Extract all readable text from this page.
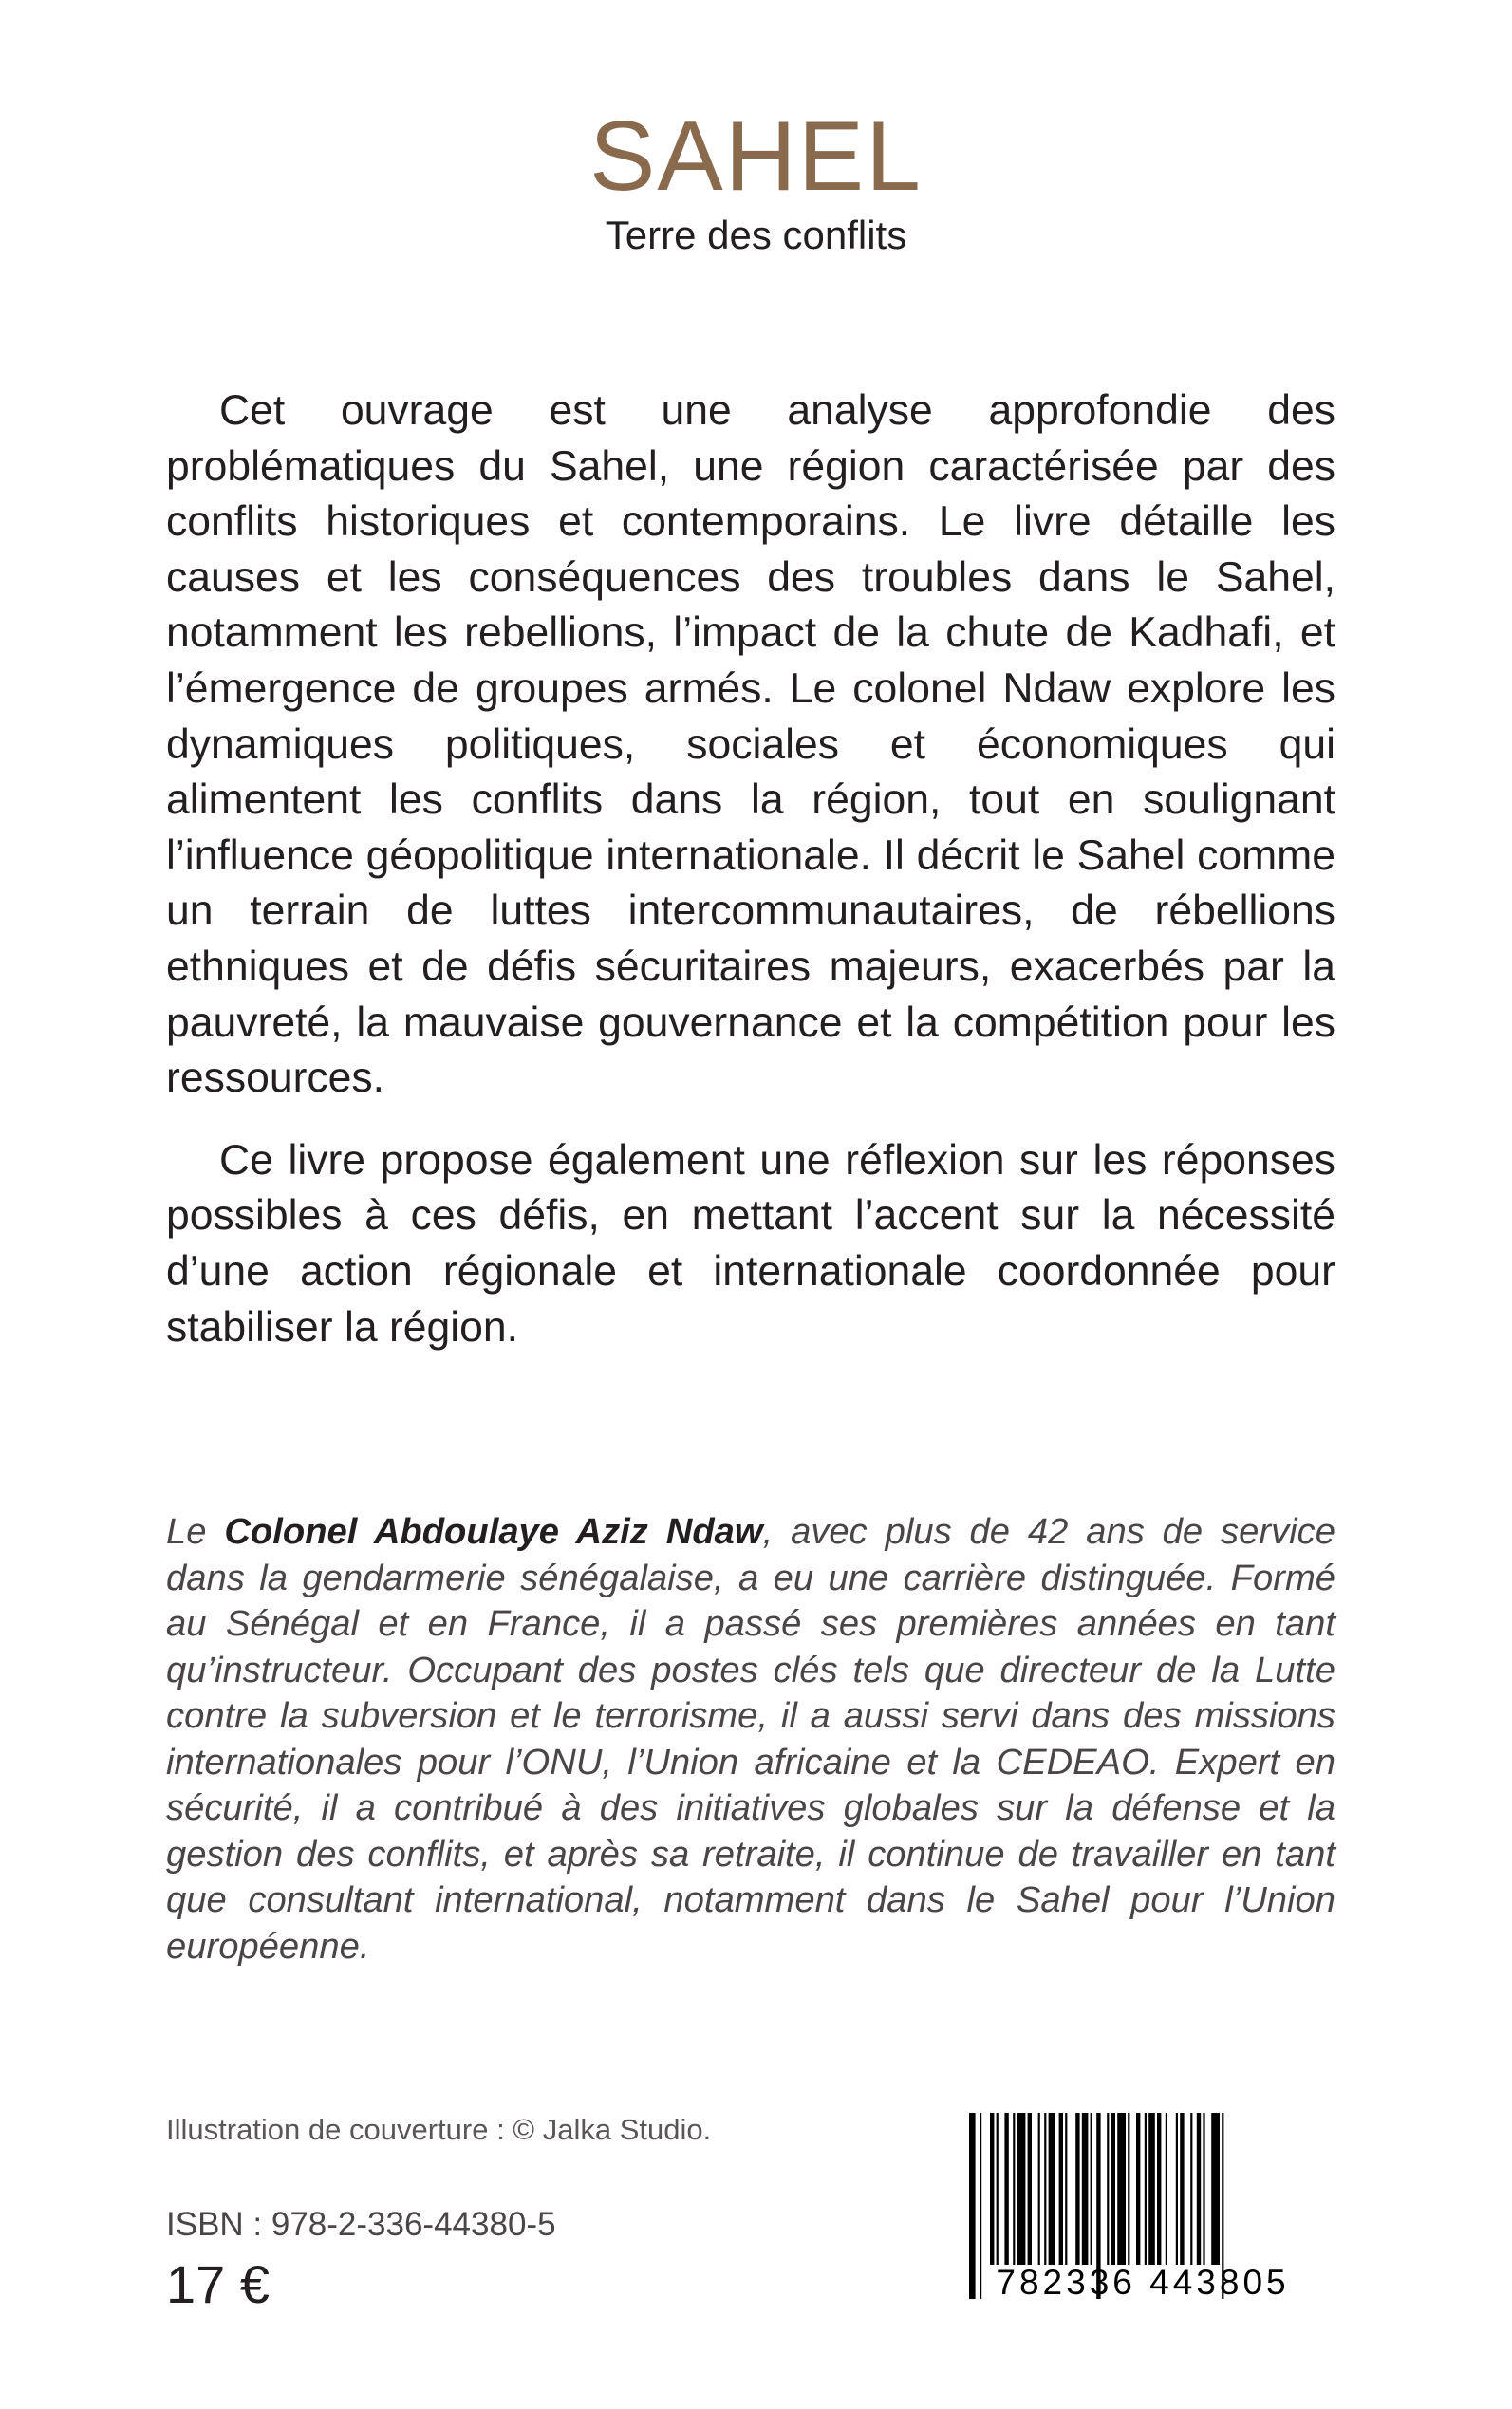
SAHEL
Terre des conflits

Cet ouvrage est une analyse approfondie des problématiques du Sahel, une région caractérisée par des conflits historiques et contemporains. Le livre détaille les causes et les conséquences des troubles dans le Sahel, notamment les rebellions, l’impact de la chute de Kadhafi, et l’émergence de groupes armés. Le colonel Ndaw explore les dynamiques politiques, sociales et économiques qui alimentent les conflits dans la région, tout en soulignant l’influence géopolitique internationale. Il décrit le Sahel comme un terrain de luttes intercommunautaires, de rébellions ethniques et de défis sécuritaires majeurs, exacerbés par la pauvreté, la mauvaise gouvernance et la compétition pour les ressources.

Ce livre propose également une réflexion sur les réponses possibles à ces défis, en mettant l’accent sur la nécessité d’une action régionale et internationale coordonnée pour stabiliser la région.

Le Colonel Abdoulaye Aziz Ndaw, avec plus de 42 ans de service dans la gendarmerie sénégalaise, a eu une carrière distinguée. Formé au Sénégal et en France, il a passé ses premières années en tant qu’instructeur. Occupant des postes clés tels que directeur de la Lutte contre la subversion et le terrorisme, il a aussi servi dans des missions internationales pour l’ONU, l’Union africaine et la CEDEAO. Expert en sécurité, il a contribué à des initiatives globales sur la défense et la gestion des conflits, et après sa retraite, il continue de travailler en tant que consultant international, notamment dans le Sahel pour l’Union européenne.

Illustration de couverture : © Jalka Studio.
ISBN : 978-2-336-44380-5
17 €	782336 443805
